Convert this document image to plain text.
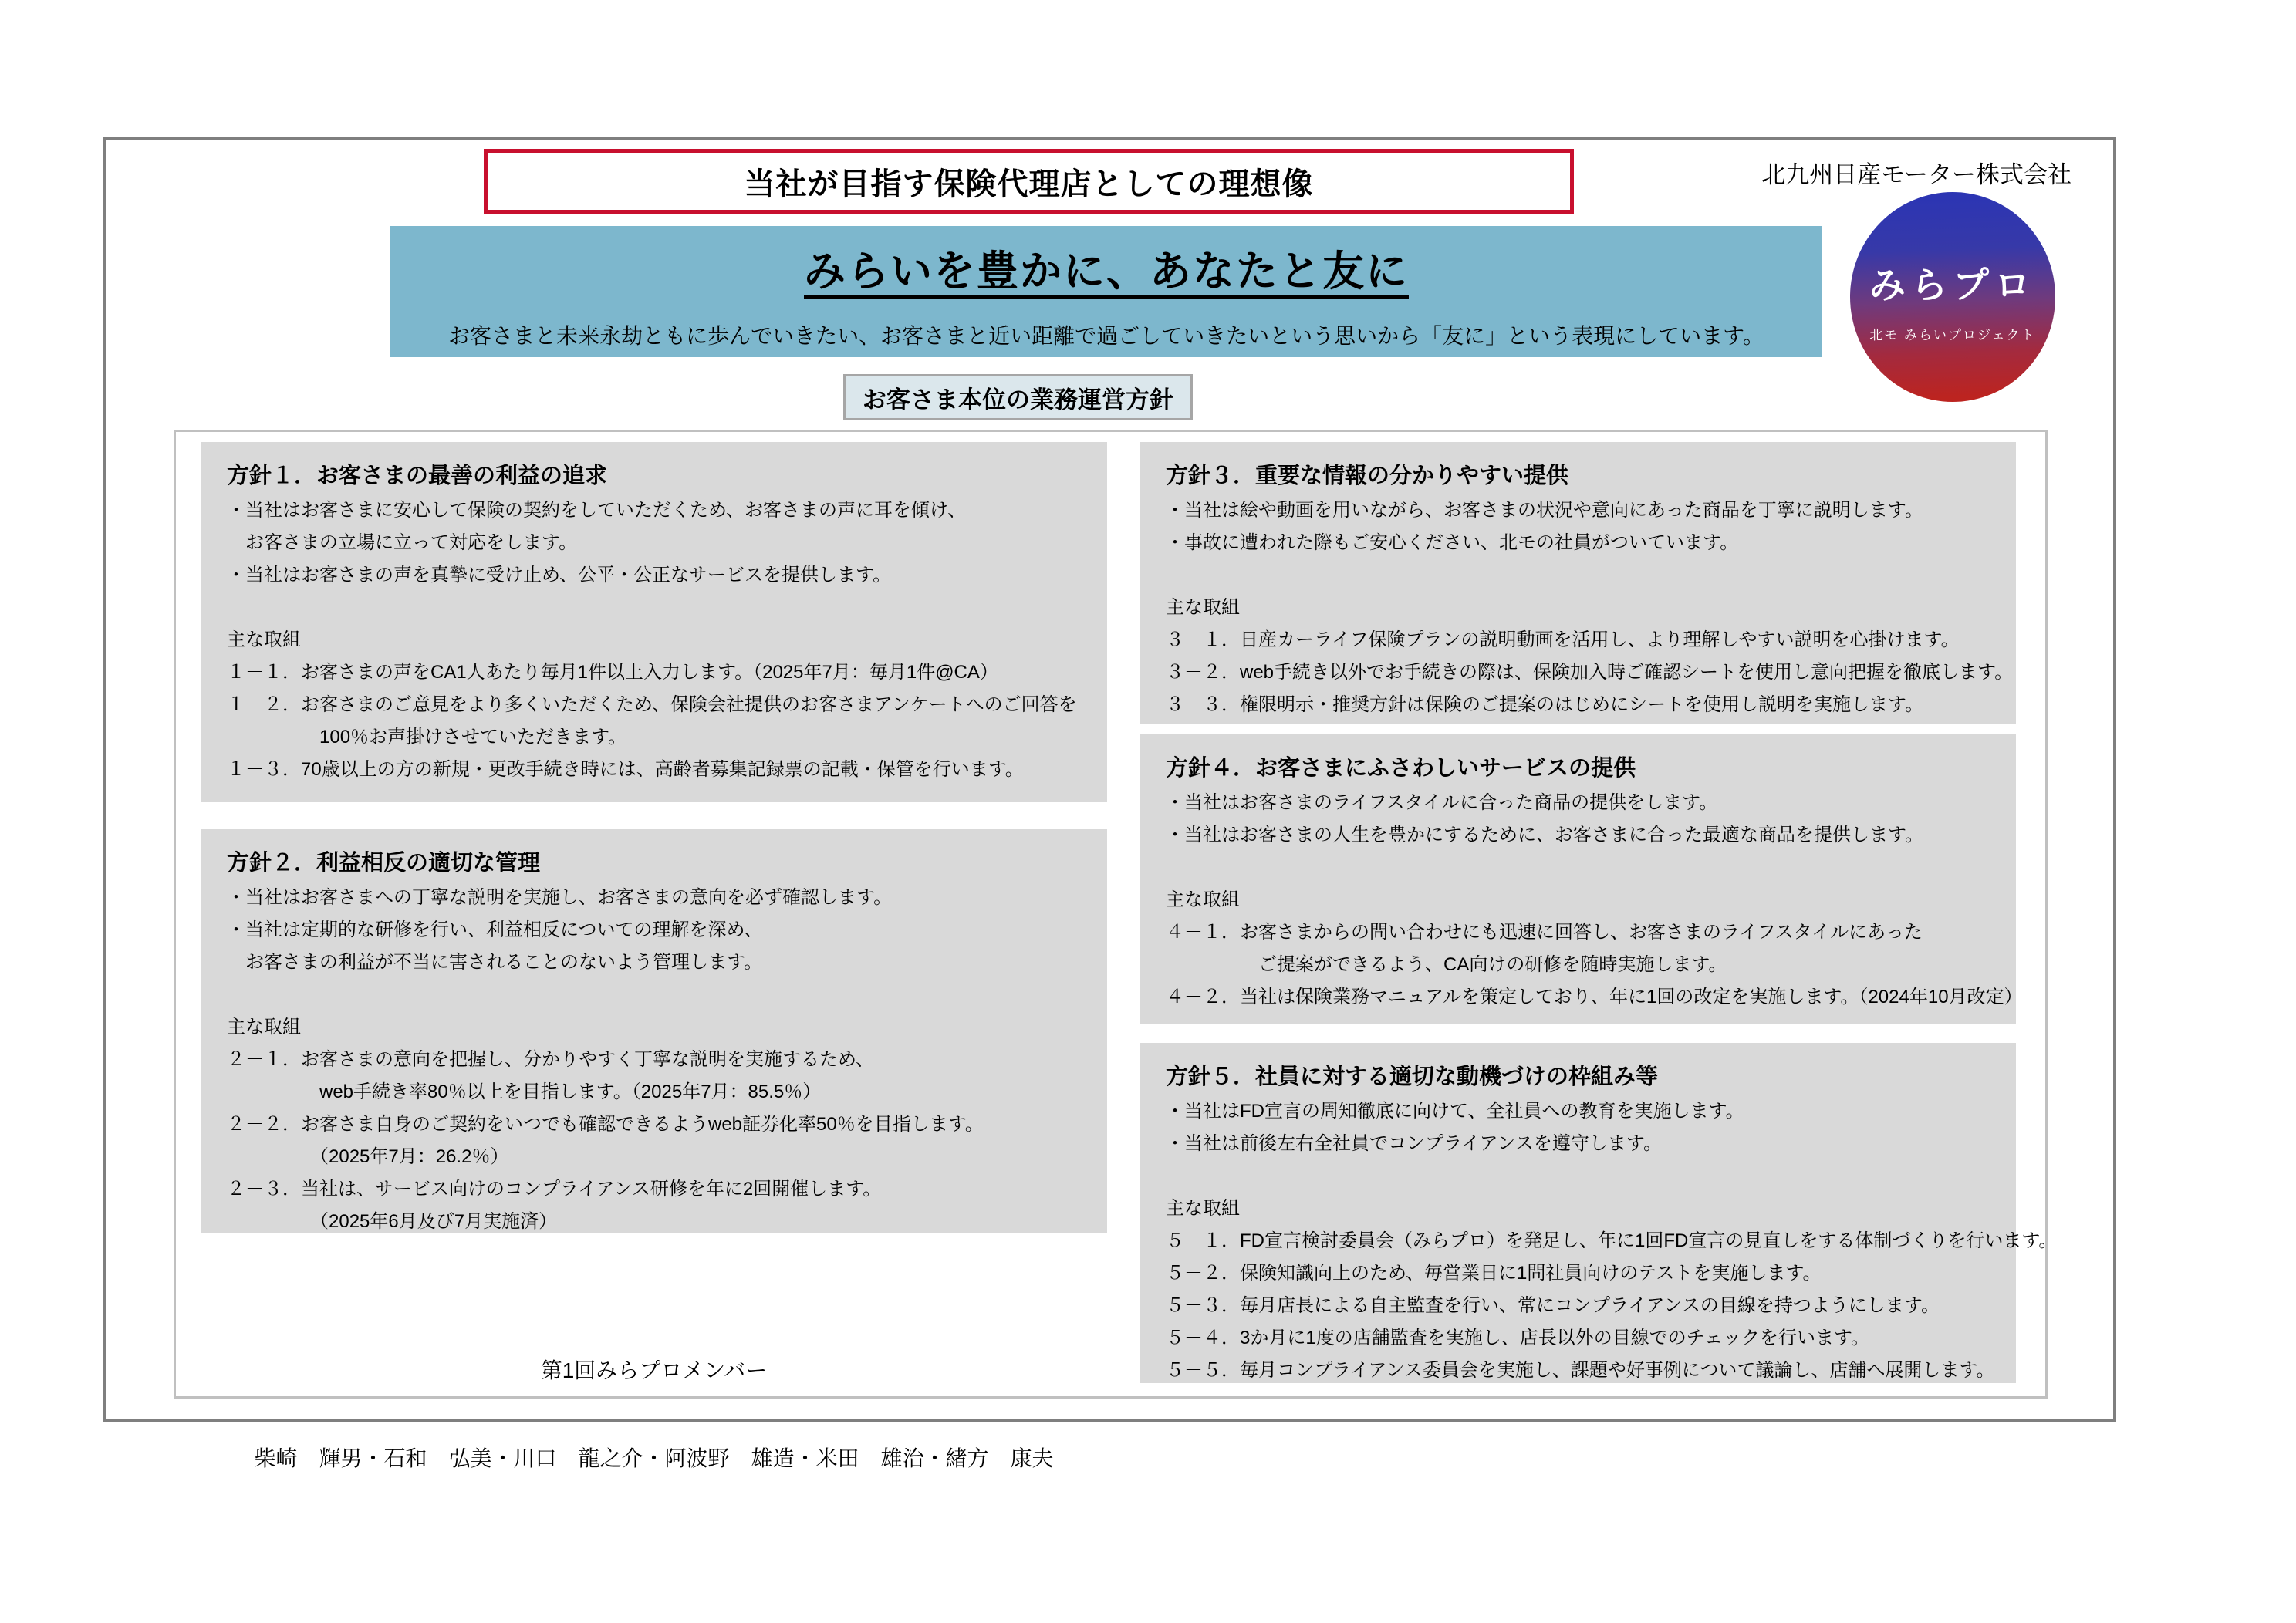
当社が目指す保険代理店としての理想像	北九州日産モーター株式会社
みらいを豊かに、あなたと友に
お客さまと未来永劫ともに歩んでいきたい、お客さまと近い距離で過ごしていきたいという思いから「友に」という表現にしています。
みらプロ
北モ みらいプロジェクト
お客さま本位の業務運営方針

第1回みらプロメンバー

柴崎　輝男・石和　弘美・川口　龍之介・阿波野　雄造・米田　雄治・緒方　康夫

方針１．お客さまの最善の利益の追求
・当社はお客さまに安心して保険の契約をしていただくため、お客さまの声に耳を傾け、
　お客さまの立場に立って対応をします。
・当社はお客さまの声を真摯に受け止め、公平・公正なサービスを提供します。
主な取組
１－１．お客さまの声をCA1人あたり毎月1件以上入力します。（2025年7月：毎月1件@CA）
１－２．お客さまのご意見をより多くいただくため、保険会社提供のお客さまアンケートへのご回答を
　　　　　100％お声掛けさせていただきます。
１－３．70歳以上の方の新規・更改手続き時には、高齢者募集記録票の記載・保管を行います。
方針２．利益相反の適切な管理
・当社はお客さまへの丁寧な説明を実施し、お客さまの意向を必ず確認します。
・当社は定期的な研修を行い、利益相反についての理解を深め、
　お客さまの利益が不当に害されることのないよう管理します。
主な取組
２－１．お客さまの意向を把握し、分かりやすく丁寧な説明を実施するため、
　　　　　web手続き率80％以上を目指します。（2025年7月：85.5％）
２－２．お客さま自身のご契約をいつでも確認できるようweb証券化率50％を目指します。
　　　　　（2025年7月：26.2％）
２－３．当社は、サービス向けのコンプライアンス研修を年に2回開催します。
　　　　　（2025年6月及び7月実施済）
方針３．重要な情報の分かりやすい提供
・当社は絵や動画を用いながら、お客さまの状況や意向にあった商品を丁寧に説明します。
・事故に遭われた際もご安心ください、北モの社員がついています。
主な取組
３－１．日産カーライフ保険プランの説明動画を活用し、より理解しやすい説明を心掛けます。
３－２．web手続き以外でお手続きの際は、保険加入時ご確認シートを使用し意向把握を徹底します。
３－３．権限明示・推奨方針は保険のご提案のはじめにシートを使用し説明を実施します。
方針４．お客さまにふさわしいサービスの提供
・当社はお客さまのライフスタイルに合った商品の提供をします。
・当社はお客さまの人生を豊かにするために、お客さまに合った最適な商品を提供します。
主な取組
４－１．お客さまからの問い合わせにも迅速に回答し、お客さまのライフスタイルにあった
　　　　　ご提案ができるよう、CA向けの研修を随時実施します。
４－２．当社は保険業務マニュアルを策定しており、年に1回の改定を実施します。（2024年10月改定）
方針５．社員に対する適切な動機づけの枠組み等
・当社はFD宣言の周知徹底に向けて、全社員への教育を実施します。
・当社は前後左右全社員でコンプライアンスを遵守します。
主な取組
５－１．FD宣言検討委員会（みらプロ）を発足し、年に1回FD宣言の見直しをする体制づくりを行います。
５－２．保険知識向上のため、毎営業日に1問社員向けのテストを実施します。
５－３．毎月店長による自主監査を行い、常にコンプライアンスの目線を持つようにします。
５－４．3か月に1度の店舗監査を実施し、店長以外の目線でのチェックを行います。
５－５．毎月コンプライアンス委員会を実施し、課題や好事例について議論し、店舗へ展開します。
